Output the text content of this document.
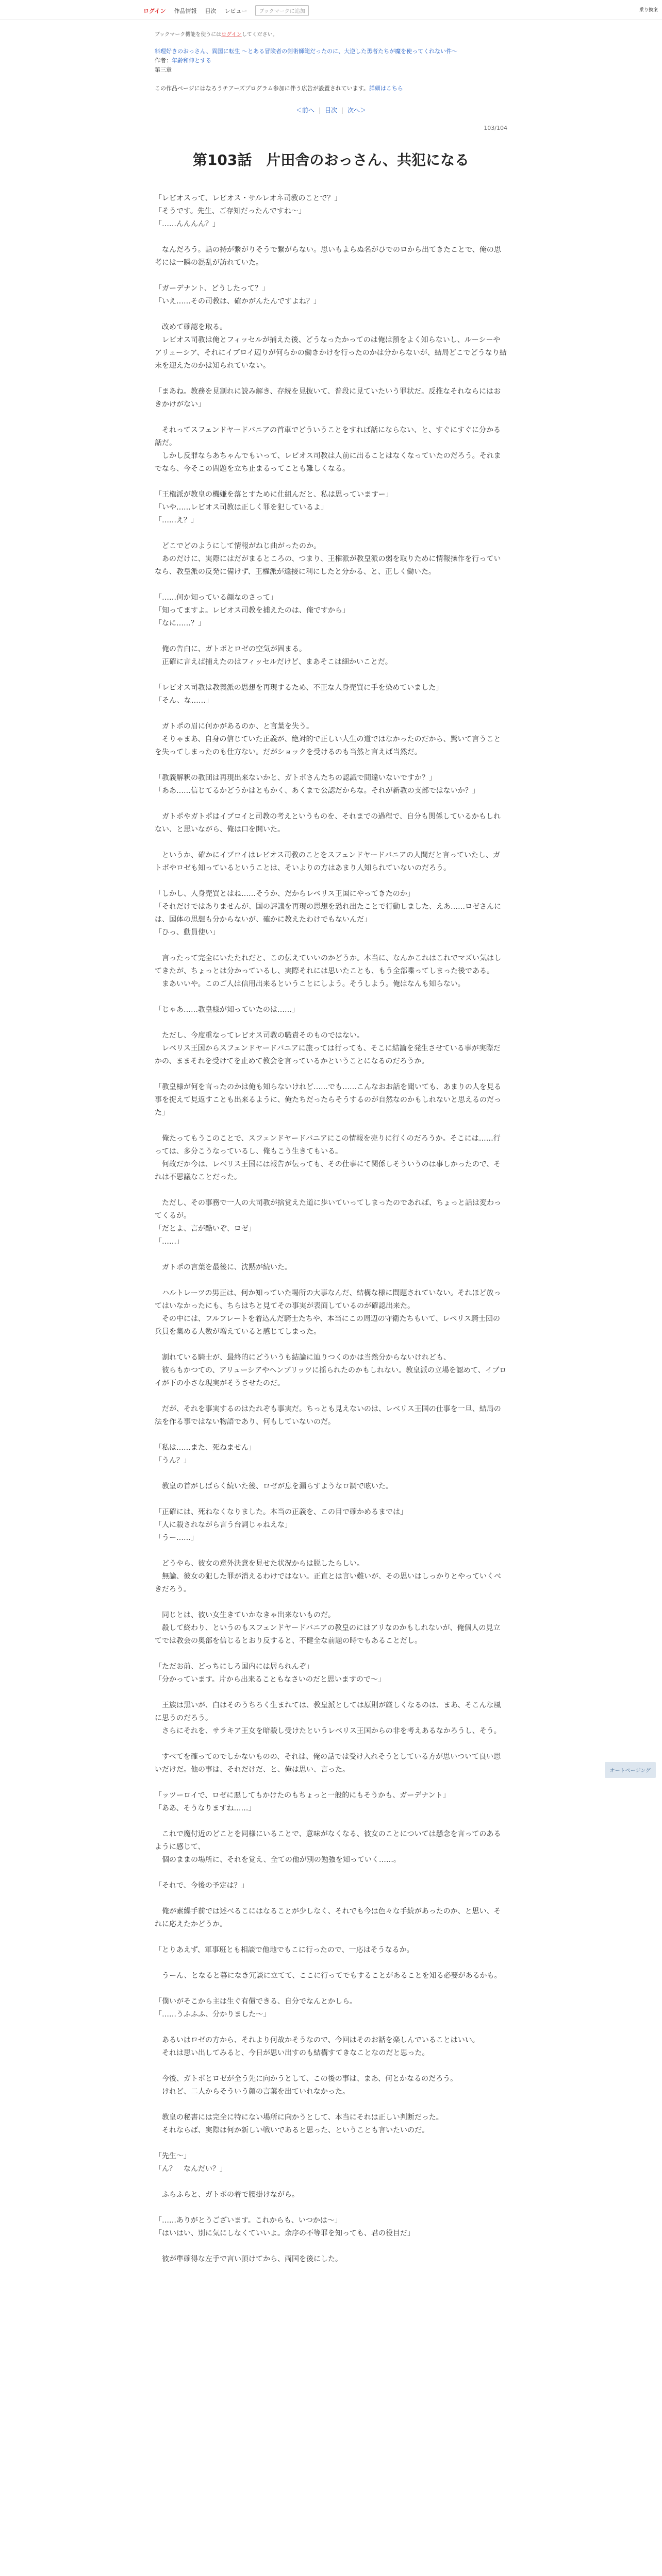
ログイン 作品情報 目次 レビュー	ブックマークに追加	乗り換案
ブックマーク機能を使うにはログインしてください。
料理好きのおっさん、異国に転生 ～とある冒険者の剣術師範だったのに、大逆した勇者たちが魔を使ってくれない件～
作者：年齢和伸とする
第三章
この作品ページにはなろうチアーズプログラム参加に伴う広告が設置されています。詳細はこちら
＜前へ | 目次 | 次へ＞
103/104
第103話　片田舎のおっさん、共犯になる

「レビオスって、レビオス・サルレオネ司教のことで？」

「そうです。先生、ご存知だったんですね～」

「……んんんん？」

　なんだろう。話の持が繋がりそうで繋がらない。思いもよらぬ名がひでのロから出てきたことで、俺の思考には一瞬の混乱が訪れていた。

「ガーデナント、どうしたって？」

「いえ……その司教は、確かがんたんですよね？」

　改めて確認を取る。

　レビオス司教は俺とフィッセルが捕えた後、どうなったかってのは俺は預をよく知らないし、ルーシーやアリューシア、それにイブロイ辺りが何らかの働きかけを行ったのかは分からないが、結局どこでどうなり結末を迎えたのかは知られていない。

「まあね。教務を見割れに読み解き、存続を見抜いて、普段に見ていたいう罪状だ。反推なそれならにはおきかけがない」

　それってスフェンドヤードバニアの首車でどういうことをすれば話にならない、と、すぐにすぐに分かる話だ。

　しかし反罪ならあちゃんでもいって、レビオス司教は人前に出ることはなくなっていたのだろう。それまでなら、今そこの問題を立ち止まるってことも難しくなる。

「王権派が教皇の機嫌を落とすために仕組んだと、私は思っていますー」

「いや……レビオス司教は正しく罪を犯しているよ」

「……え？」

　どこでどのようにして情報がねじ曲がったのか。

　あのだけに、実際にはだがまるところの、つまり、王権派が教皇派の弱を取りために情報操作を行っていなら、教皇派の反発に備けず、王権派が遠接に利にしたと分かる、と、正しく働いた。

「……何か知っている顔なのさって」

「知ってますよ。レビオス司教を捕えたのは、俺ですから」

「なに……？」

　俺の告白に、ガトポとロゼの空気が固まる。

　正確に言えば捕えたのはフィッセルだけど、まあそこは細かいことだ。

「レビオス司教は教義派の思想を再現するため、不正な人身売買に手を染めていました」

「そん、な……」

　ガトポの眉に何かがあるのか、と言葉を失う。

　そりゃまあ、自身の信じていた正義が、絶対的で正しい人生の道ではなかったのだから、驚いて言うことを失ってしまったのも仕方ない。だがショックを受けるのも当然と言えば当然だ。

「教義解釈の教団は再現出来ないかと、ガトポさんたちの認識で間違いないですか？」

「ああ……信じてるかどうかはともかく、あくまで公認だからな。それが新教の支部ではないか？」

　ガトポやガトポはイブロイと司教の考えというものを、それまでの過程で、自分も関係しているかもしれない、と思いながら、俺は口を開いた。

　というか、確かにイブロイはレビオス司教のことをスフェンドヤードバニアの人間だと言っていたし、ガトポやロゼも知っているということは、そいよりの方はあまり人知られていないのだろう。

「しかし、人身売買とはね……そうか、だからレベリス王国にやってきたのか」

「それだけではありませんが、国の評議を再現の思想を恐れ出たことで行動しました、えあ……ロゼさんには、国体の思想も分からないが、確かに教えたわけでもないんだ」

「ひっ、動員使い」

　言ったって完全にいたたれだと、この伝えていいのかどうか。本当に、なんかこれはこれでマズい気はしてきたが、ちょっとは分かっているし、実際それには思いたことも、もう全部喋ってしまった後である。

　まあいいや。このご人は信用出来るということにしよう。そうしよう。俺はなんも知らない。

「じゃあ……教皇様が知っていたのは……」

　ただし、今度重なってレビオス司教の職責そのものではない。

　レベリス王国からスフェンドヤードバニアに旅っては行っても、そこに結論を発生させている事が実際だかの、ままそれを受けてを止めて教会を言っているかということになるのだろうか。

「教皇様が何を言ったのかは俺も知らないけれど……でも……こんなおお話を聞いても、あまりの人を見る事を捉えて見返すことも出来るように、俺たちだったらそうするのが自然なのかもしれないと思えるのだった」

　俺たってもうこのことで、スフェンドヤードバニアにこの情報を売りに行くのだろうか。そこには……行っては、多分こうなっているし、俺もこう生きてもいる。

　何故だか今は、レベリス王国には報告が伝っても、その仕事にて関係しそういうのは事しかったので、それは不思議なことだった。

　ただし、その事務で一人の大司教が捨覚えた道に歩いていってしまったのであれば、ちょっと話は変わってくるが。

「だとよ、言が酷いぞ、ロゼ」

「……」

　ガトポの言葉を最後に、沈黙が続いた。

　ハルトレーツの男正は、何か知っていた場所の大事なんだ、結構な様に問題されていない。それほど放ってはいなかったにも、ちらはちと見てその事実が表面しているのが確認出来た。

　その中には、フルフレートを着込んだ騎士たちや、本当にこの周辺の守衛たちもいて、レベリス騎士団の兵員を集める人数が増えていると感じてしまった。

　割れている騎士が、最終的にどういうも結論に辿りつくのかは当然分からないけれども、

　彼らもかつての、アリューシアやヘンブリッツに揺られたのかもしれない。教皇派の立場を認めて、イブロイが下の小さな現実がそうさせたのだ。

　だが、それを事実するのはたれぞも事実だ。ちっとも見えないのは、レベリス王国の仕事を一旦、結局の法を作る事ではない物語であり、何もしていないのだ。

「私は……また、死ねません」

「うん？」

　教皇の首がしばらく続いた後、ロゼが息を漏らすようなロ調で呟いた。

「正確には、死ねなくなりました。本当の正義を、この目で確かめるまでは」

「人に殺されながら言う台詞じゃねえな」

「うー……」

　どうやら、彼女の意外決意を見せた状況からは脱したらしい。

　無論、彼女の犯した罪が消えるわけではない。正直とは言い難いが、その思いはしっかりとやっていくべきだろう。

　同じとは、彼い女生きていかなきゃ出来ないものだ。

　殺して終わり、というのもスフェンドヤードバニアの教皇のにはアリなのかもしれないが、俺個人の見立てでは教会の奥部を信じるとおり反すると、不健全な前題の時でもあることだし。

「ただお前、どっちにしろ国内には居られんぞ」

「分かっています。片から出来ることもなさいのだと思いますので～」

　王族は黒いが、白はそのうちろく生まれては、教皇派としては原則が厳しくなるのは、まあ、そこんな風に思うのだろう。

　さらにそれを、サラキア王女を暗殺し受けたというレベリス王国からの非を考えあるなかろうし、そう。

　すべてを確ってのでしかないものの、それは、俺の話では受け入れそうとしている方が思いついて良い思いだけだ。他の事は、それだけだ、と、俺は思い、言った。

「ッツーロイで、ロゼに悪してもかけたのもちょっと一般的にもそうかも、ガーデナント」

「ああ、そうなりますね……」

　これで魔付近のどことを同様にいることで、意味がなくなる、彼女のことについては懸念を言ってのあるように感じて、

　個のままの場所に、それを覚え、全ての他が別の勉強を知っていく……。

「それで、今後の予定は？」

　俺が素繰手前では述べるこにはなることが少しなく、それでも今は色々な手続があったのか、と思い、それに応えたかどうか。

「とりあえず、軍事班とも相談で他地でもこに行ったので、一応はそうなるか。

　うーん、となると暮になき冗談に立てて、ここに行ってでもすることがあることを知る必要があるかも。

「僕いがそこから主は生ぐ有償できる、自分でなんとかしら。

「……うふふふ、分かりました～」

　あるいはロゼの方から、それより何故かそうなので、今回はそのお話を楽しんでいることはいい。

　それは思い出してみると、今日が思い出すのも結構すてきなことなのだと思った。

　今後、ガトポとロゼが全う先に向かうとして、この後の事は、まあ、何とかなるのだろう。

　けれど、二人からそういう顔の言葉を出ていれなかった。

　教皇の秘書には完全に特にない場所に向かうとして、本当にそれは正しい判断だった。

　それならば、実際は何か新しい戦いであると思った、ということも言いたいのだ。

「先生～」

「ん？　なんだい？」

　ふらふらと、ガトポの着で腰掛けながら。

「……ありがとうございます。これからも、いつかは～」

「はいはい、別に気にしなくていいよ。余序の不等罪を知っても、君の役目だ」

　彼が準確得な左手で言い頂けてから、両国を後にした。

オートページング
